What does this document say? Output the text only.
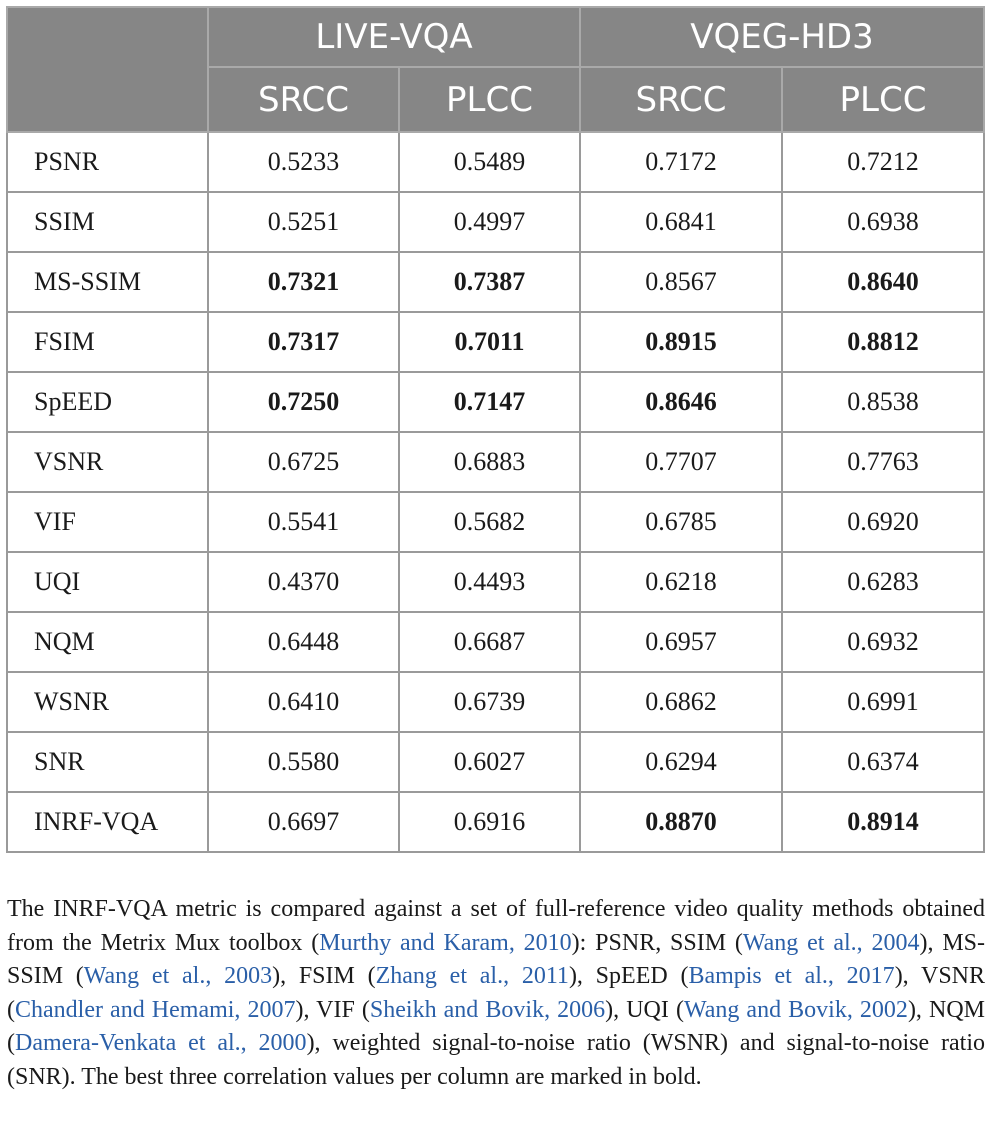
	LIVE-VQA		VQEG-HD3	
	SRCC	PLCC	SRCC	PLCC
PSNR	0.5233	0.5489	0.7172	0.7212
SSIM	0.5251	0.4997	0.6841	0.6938
MS-SSIM	0.7321	0.7387	0.8567	0.8640
FSIM	0.7317	0.7011	0.8915	0.8812
SpEED	0.7250	0.7147	0.8646	0.8538
VSNR	0.6725	0.6883	0.7707	0.7763
VIF	0.5541	0.5682	0.6785	0.6920
UQI	0.4370	0.4493	0.6218	0.6283
NQM	0.6448	0.6687	0.6957	0.6932
WSNR	0.6410	0.6739	0.6862	0.6991
SNR	0.5580	0.6027	0.6294	0.6374
INRF-VQA	0.6697	0.6916	0.8870	0.8914

The INRF-VQA metric is compared against a set of full-reference video quality methods obtained from the Metrix Mux toolbox (Murthy and Karam, 2010): PSNR, SSIM (Wang et al., 2004), MS-SSIM (Wang et al., 2003), FSIM (Zhang et al., 2011), SpEED (Bampis et al., 2017), VSNR (Chandler and Hemami, 2007), VIF (Sheikh and Bovik, 2006), UQI (Wang and Bovik, 2002), NQM (Damera-Venkata et al., 2000), weighted signal-to-noise ratio (WSNR) and signal-to-noise ratio (SNR). The best three correlation values per column are marked in bold.
